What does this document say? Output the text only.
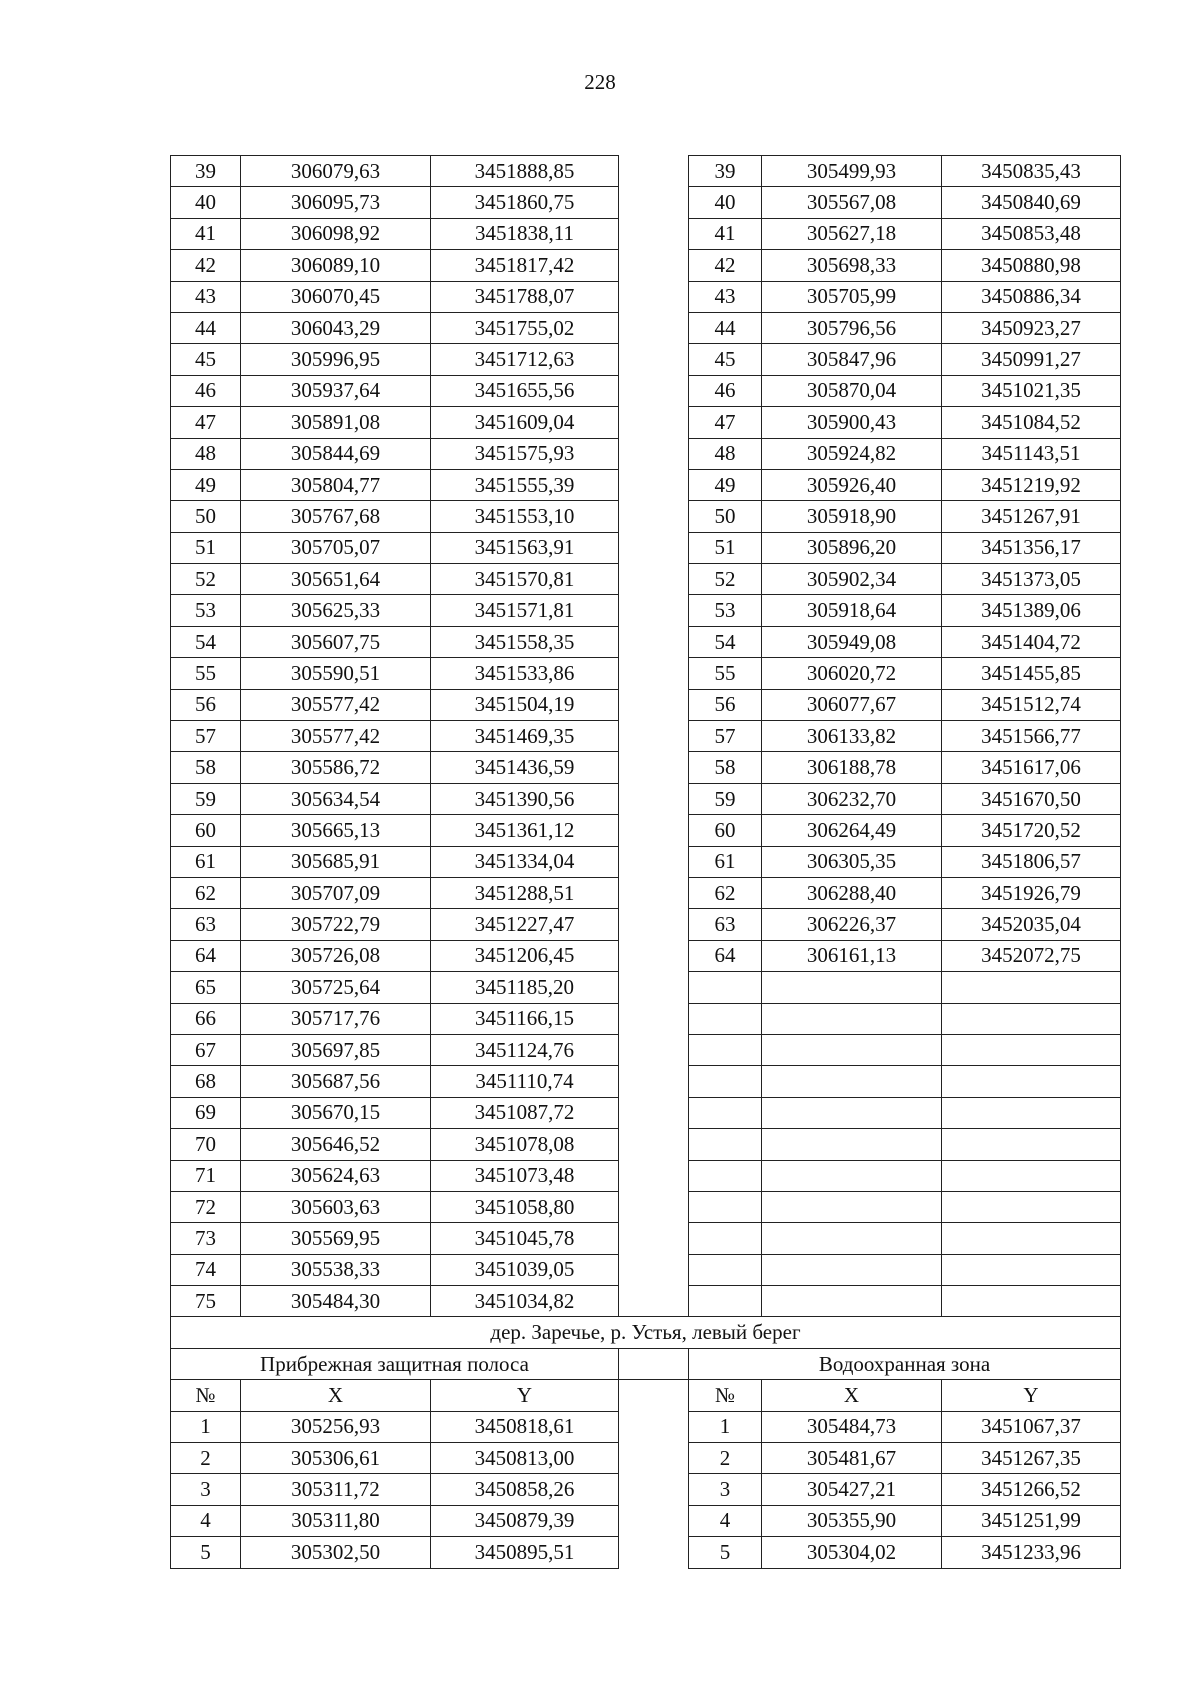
228
39	306079,63	3451888,85		39	305499,93	3450835,43
40	306095,73	3451860,75		40	305567,08	3450840,69
41	306098,92	3451838,11		41	305627,18	3450853,48
42	306089,10	3451817,42		42	305698,33	3450880,98
43	306070,45	3451788,07		43	305705,99	3450886,34
44	306043,29	3451755,02		44	305796,56	3450923,27
45	305996,95	3451712,63		45	305847,96	3450991,27
46	305937,64	3451655,56		46	305870,04	3451021,35
47	305891,08	3451609,04		47	305900,43	3451084,52
48	305844,69	3451575,93		48	305924,82	3451143,51
49	305804,77	3451555,39		49	305926,40	3451219,92
50	305767,68	3451553,10		50	305918,90	3451267,91
51	305705,07	3451563,91		51	305896,20	3451356,17
52	305651,64	3451570,81		52	305902,34	3451373,05
53	305625,33	3451571,81		53	305918,64	3451389,06
54	305607,75	3451558,35		54	305949,08	3451404,72
55	305590,51	3451533,86		55	306020,72	3451455,85
56	305577,42	3451504,19		56	306077,67	3451512,74
57	305577,42	3451469,35		57	306133,82	3451566,77
58	305586,72	3451436,59		58	306188,78	3451617,06
59	305634,54	3451390,56		59	306232,70	3451670,50
60	305665,13	3451361,12		60	306264,49	3451720,52
61	305685,91	3451334,04		61	306305,35	3451806,57
62	305707,09	3451288,51		62	306288,40	3451926,79
63	305722,79	3451227,47		63	306226,37	3452035,04
64	305726,08	3451206,45		64	306161,13	3452072,75
65	305725,64	3451185,20				
66	305717,76	3451166,15				
67	305697,85	3451124,76				
68	305687,56	3451110,74				
69	305670,15	3451087,72				
70	305646,52	3451078,08				
71	305624,63	3451073,48				
72	305603,63	3451058,80				
73	305569,95	3451045,78				
74	305538,33	3451039,05				
75	305484,30	3451034,82				
дер. Заречье, р. Устья, левый берег						
Прибрежная защитная полоса				Водоохранная зона		
№	X	Y		№	X	Y
1	305256,93	3450818,61		1	305484,73	3451067,37
2	305306,61	3450813,00		2	305481,67	3451267,35
3	305311,72	3450858,26		3	305427,21	3451266,52
4	305311,80	3450879,39		4	305355,90	3451251,99
5	305302,50	3450895,51		5	305304,02	3451233,96
